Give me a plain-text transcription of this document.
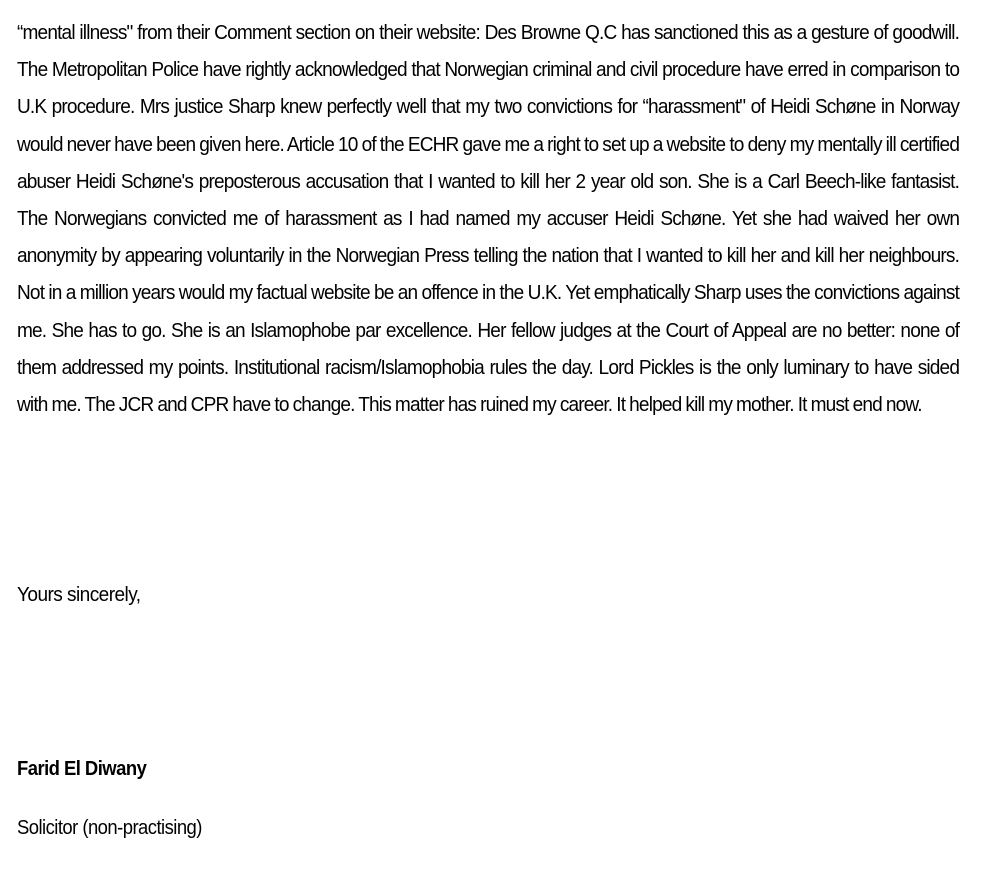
“mental illness" from their Comment section on their website: Des Browne Q.C has sanctioned this as a gesture of goodwill. The Metropolitan Police have rightly acknowledged that Norwegian criminal and civil procedure have erred in comparison to U.K procedure. Mrs justice Sharp knew perfectly well that my two convictions for “harassment" of Heidi Schøne in Norway would never have been given here. Article 10 of the ECHR gave me a right to set up a website to deny my mentally ill certified abuser Heidi Schøne's preposterous accusation that I wanted to kill her 2 year old son. She is a Carl Beech-like fantasist. The Norwegians convicted me of harassment as I had named my accuser Heidi Schøne. Yet she had waived her own anonymity by appearing voluntarily in the Norwegian Press telling the nation that I wanted to kill her and kill her neighbours. Not in a million years would my factual website be an offence in the U.K. Yet emphatically Sharp uses the convictions against me. She has to go. She is an Islamophobe par excellence. Her fellow judges at the Court of Appeal are no better: none of them addressed my points. Institutional racism/Islamophobia rules the day. Lord Pickles is the only luminary to have sided with me. The JCR and CPR have to change. This matter has ruined my career. It helped kill my mother. It must end now.

Yours sincerely,

Farid El Diwany

Solicitor (non-practising)
